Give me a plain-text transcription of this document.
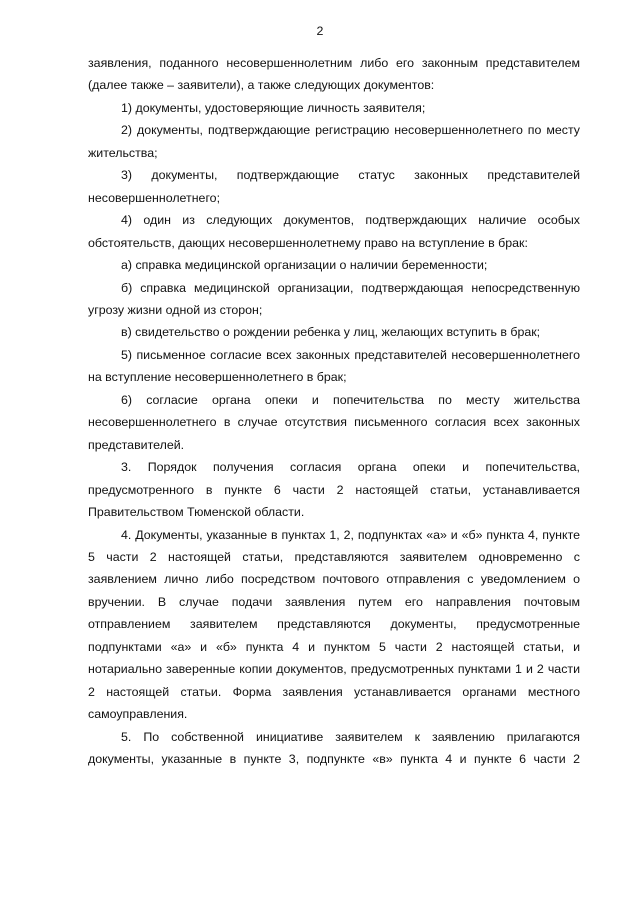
2

заявления, поданного несовершеннолетним либо его законным представителем (далее также – заявители), а также следующих документов:

1) документы, удостоверяющие личность заявителя;

2) документы, подтверждающие регистрацию несовершеннолетнего по месту жительства;

3) документы, подтверждающие статус законных представителей несовершеннолетнего;

4) один из следующих документов, подтверждающих наличие особых обстоятельств, дающих несовершеннолетнему право на вступление в брак:

а) справка медицинской организации о наличии беременности;

б) справка медицинской организации, подтверждающая непосредственную угрозу жизни одной из сторон;

в) свидетельство о рождении ребенка у лиц, желающих вступить в брак;

5) письменное согласие всех законных представителей несовершеннолетнего на вступление несовершеннолетнего в брак;

6) согласие органа опеки и попечительства по месту жительства несовершеннолетнего в случае отсутствия письменного согласия всех законных представителей.

3. Порядок получения согласия органа опеки и попечительства, предусмотренного в пункте 6 части 2 настоящей статьи, устанавливается Правительством Тюменской области.

4. Документы, указанные в пунктах 1, 2, подпунктах «а» и «б» пункта 4, пункте 5 части 2 настоящей статьи, представляются заявителем одновременно с заявлением лично либо посредством почтового отправления с уведомлением о вручении. В случае подачи заявления путем его направления почтовым отправлением заявителем представляются документы, предусмотренные подпунктами «а» и «б» пункта 4 и пунктом 5 части 2 настоящей статьи, и нотариально заверенные копии документов, предусмотренных пунктами 1 и 2 части 2 настоящей статьи. Форма заявления устанавливается органами местного самоуправления.

5. По собственной инициативе заявителем к заявлению прилагаются документы, указанные в пункте 3, подпункте «в» пункта 4 и пункте 6 части 2
